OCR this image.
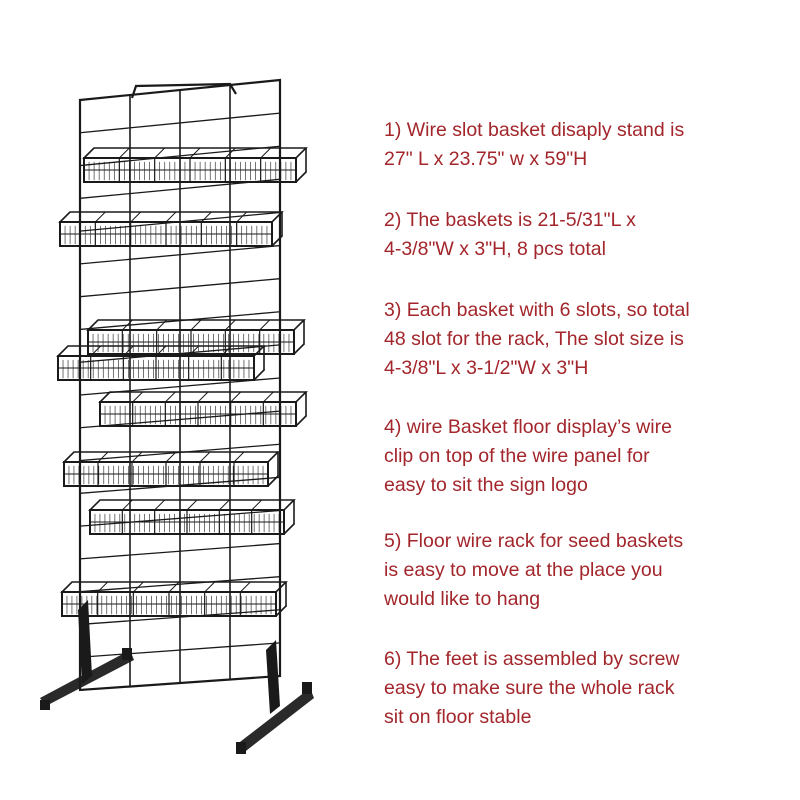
1) Wire slot basket disaply stand is
27" L x 23.75" w x 59"H
2) The baskets is 21-5/31"L x
4-3/8"W x 3"H, 8 pcs total
3) Each basket with 6 slots, so total
48 slot for the rack, The slot size is
4-3/8"L x 3-1/2"W x 3"H
4) wire Basket floor display’s wire
clip on top of the wire panel for
easy to sit the sign logo
5) Floor wire rack for seed baskets
is easy to move at the place you
would like to hang
6) The feet is assembled by screw
easy to make sure the whole rack
sit on floor stable
